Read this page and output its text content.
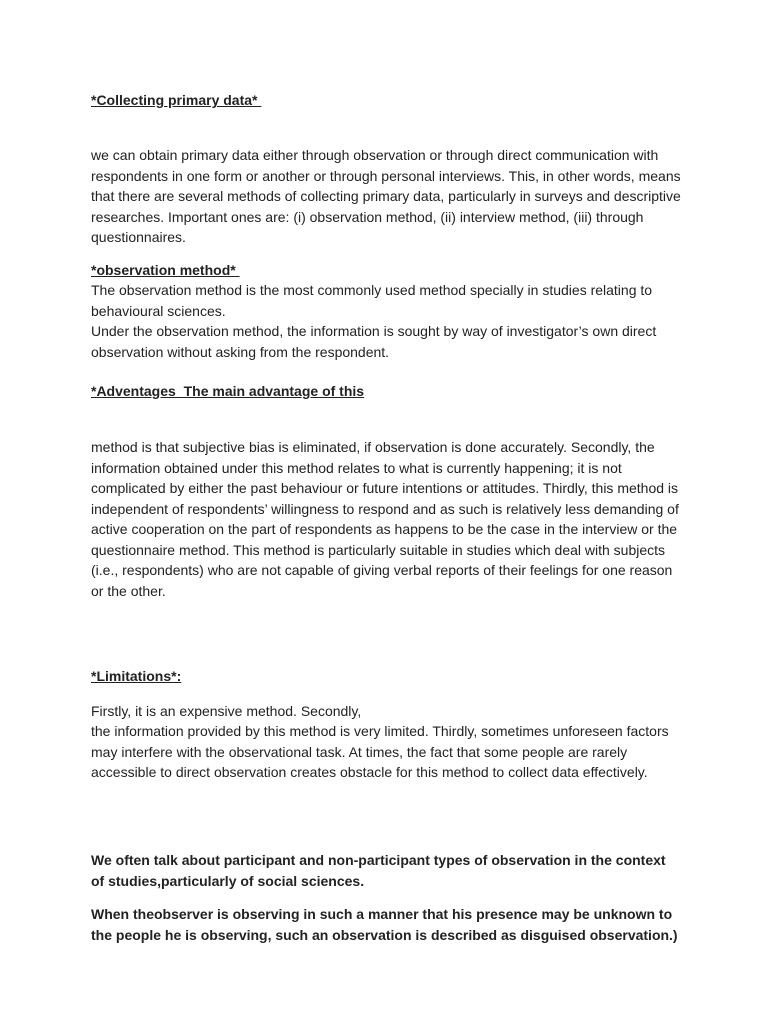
*Collecting primary data*

we can obtain primary data either through observation or through direct communication with respondents in one form or another or through personal interviews. This, in other words, means that there are several methods of collecting primary data, particularly in surveys and descriptive researches. Important ones are: (i) observation method, (ii) interview method, (iii) through questionnaires.

*observation method*

The observation method is the most commonly used method specially in studies relating to behavioural sciences.

Under the observation method, the information is sought by way of investigator’s own direct observation without asking from the respondent.

*Adventages  The main advantage of this

method is that subjective bias is eliminated, if observation is done accurately. Secondly, the information obtained under this method relates to what is currently happening; it is not complicated by either the past behaviour or future intentions or attitudes. Thirdly, this method is independent of respondents’ willingness to respond and as such is relatively less demanding of active cooperation on the part of respondents as happens to be the case in the interview or the questionnaire method. This method is particularly suitable in studies which deal with subjects (i.e., respondents) who are not capable of giving verbal reports of their feelings for one reason or the other.

*Limitations*:

Firstly, it is an expensive method. Secondly,

the information provided by this method is very limited. Thirdly, sometimes unforeseen factors may interfere with the observational task. At times, the fact that some people are rarely accessible to direct observation creates obstacle for this method to collect data effectively.

We often talk about participant and non-participant types of observation in the context of studies,particularly of social sciences.

When theobserver is observing in such a manner that his presence may be unknown to the people he is observing, such an observation is described as disguised observation.)
